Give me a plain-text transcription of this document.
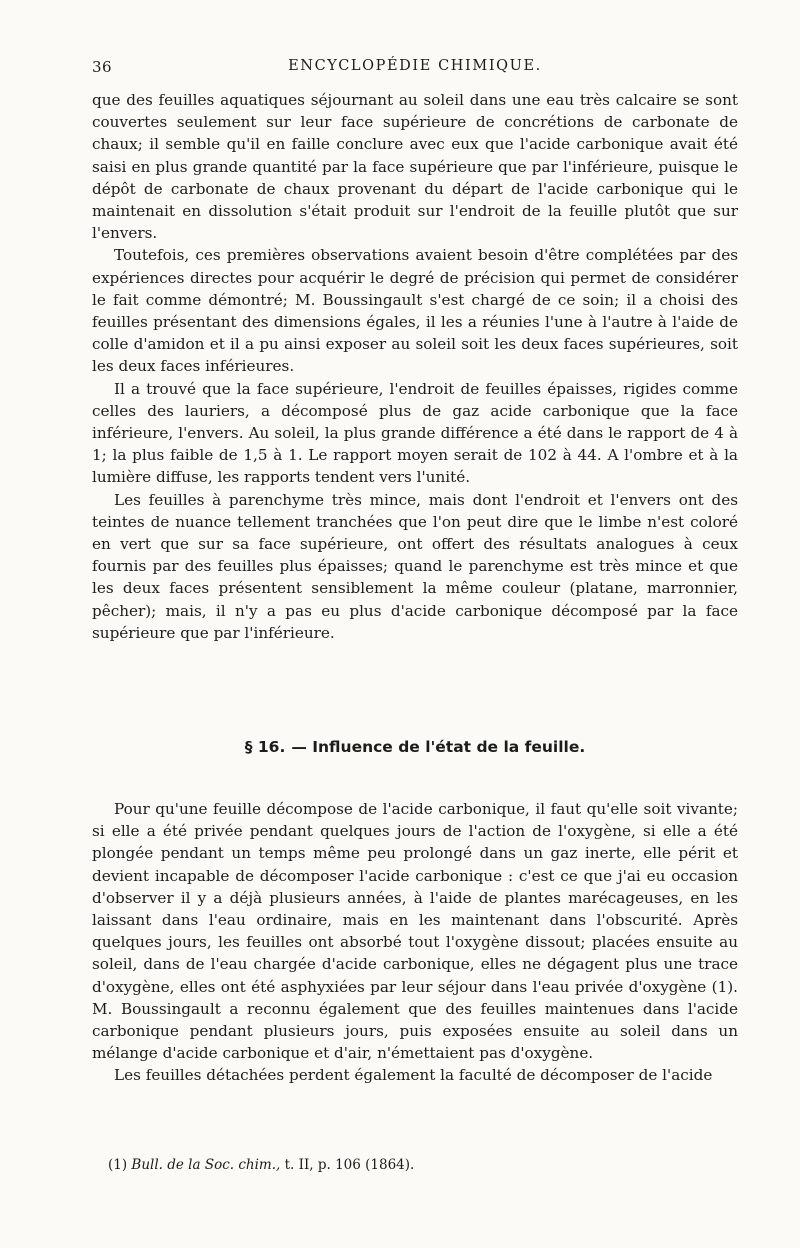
36	ENCYCLOPÉDIE CHIMIQUE.

que des feuilles aquatiques séjournant au soleil dans une eau très calcaire se sont couvertes seulement sur leur face supérieure de concrétions de carbonate de chaux; il semble qu'il en faille conclure avec eux que l'acide carbonique avait été saisi en plus grande quantité par la face supérieure que par l'inférieure, puisque le dépôt de carbonate de chaux provenant du départ de l'acide carbonique qui le maintenait en dissolution s'était produit sur l'endroit de la feuille plutôt que sur l'envers.

Toutefois, ces premières observations avaient besoin d'être complétées par des expériences directes pour acquérir le degré de précision qui permet de considérer le fait comme démontré; M. Boussingault s'est chargé de ce soin; il a choisi des feuilles présentant des dimensions égales, il les a réunies l'une à l'autre à l'aide de colle d'amidon et il a pu ainsi exposer au soleil soit les deux faces supérieures, soit les deux faces inférieures.

Il a trouvé que la face supérieure, l'endroit de feuilles épaisses, rigides comme celles des lauriers, a décomposé plus de gaz acide carbonique que la face inférieure, l'envers. Au soleil, la plus grande différence a été dans le rapport de 4 à 1; la plus faible de 1,5 à 1. Le rapport moyen serait de 102 à 44. A l'ombre et à la lumière diffuse, les rapports tendent vers l'unité.

Les feuilles à parenchyme très mince, mais dont l'endroit et l'envers ont des teintes de nuance tellement tranchées que l'on peut dire que le limbe n'est coloré en vert que sur sa face supérieure, ont offert des résultats analogues à ceux fournis par des feuilles plus épaisses; quand le parenchyme est très mince et que les deux faces présentent sensiblement la même couleur (platane, marronnier, pêcher); mais, il n'y a pas eu plus d'acide carbonique décomposé par la face supérieure que par l'inférieure.

§ 16. — Influence de l'état de la feuille.

Pour qu'une feuille décompose de l'acide carbonique, il faut qu'elle soit vivante; si elle a été privée pendant quelques jours de l'action de l'oxygène, si elle a été plongée pendant un temps même peu prolongé dans un gaz inerte, elle périt et devient incapable de décomposer l'acide carbonique : c'est ce que j'ai eu occasion d'observer il y a déjà plusieurs années, à l'aide de plantes marécageuses, en les laissant dans l'eau ordinaire, mais en les maintenant dans l'obscurité. Après quelques jours, les feuilles ont absorbé tout l'oxygène dissout; placées ensuite au soleil, dans de l'eau chargée d'acide carbonique, elles ne dégagent plus une trace d'oxygène, elles ont été asphyxiées par leur séjour dans l'eau privée d'oxygène (1). M. Boussingault a reconnu également que des feuilles maintenues dans l'acide carbonique pendant plusieurs jours, puis exposées ensuite au soleil dans un mélange d'acide carbonique et d'air, n'émettaient pas d'oxygène.

Les feuilles détachées perdent également la faculté de décomposer de l'acide

(1) Bull. de la Soc. chim., t. II, p. 106 (1864).
